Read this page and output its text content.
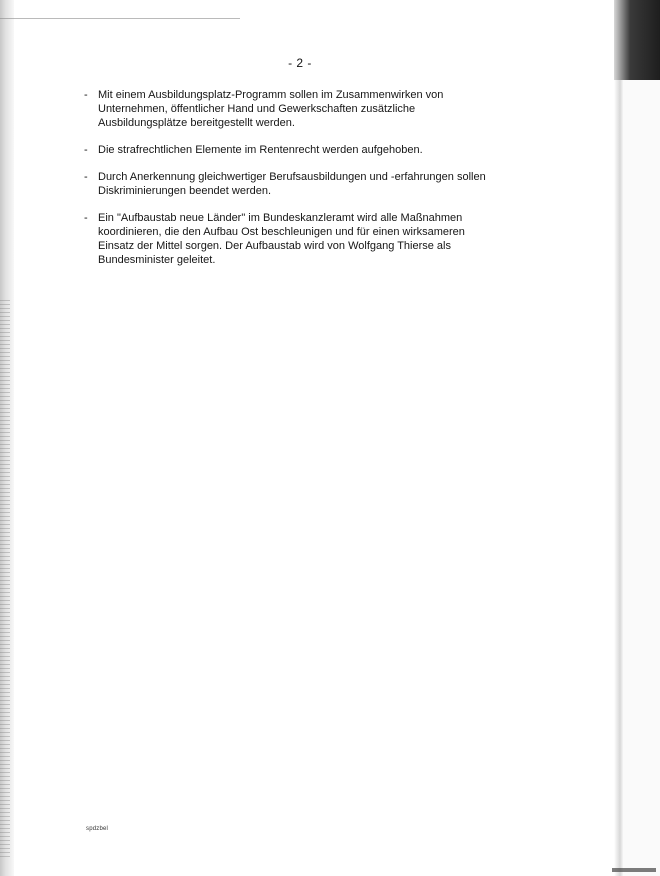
- 2 -
- Mit einem Ausbildungsplatz-Programm sollen im Zusammenwirken von
Unternehmen, öffentlicher Hand und Gewerkschaften zusätzliche
Ausbildungsplätze bereitgestellt werden.
- Die strafrechtlichen Elemente im Rentenrecht werden aufgehoben.
- Durch Anerkennung gleichwertiger Berufsausbildungen und -erfahrungen sollen
Diskriminierungen beendet werden.
- Ein "Aufbaustab neue Länder" im Bundeskanzleramt wird alle Maßnahmen
koordinieren, die den Aufbau Ost beschleunigen und für einen wirksameren
Einsatz der Mittel sorgen. Der Aufbaustab wird von Wolfgang Thierse als
Bundesminister geleitet.
spdzbel
